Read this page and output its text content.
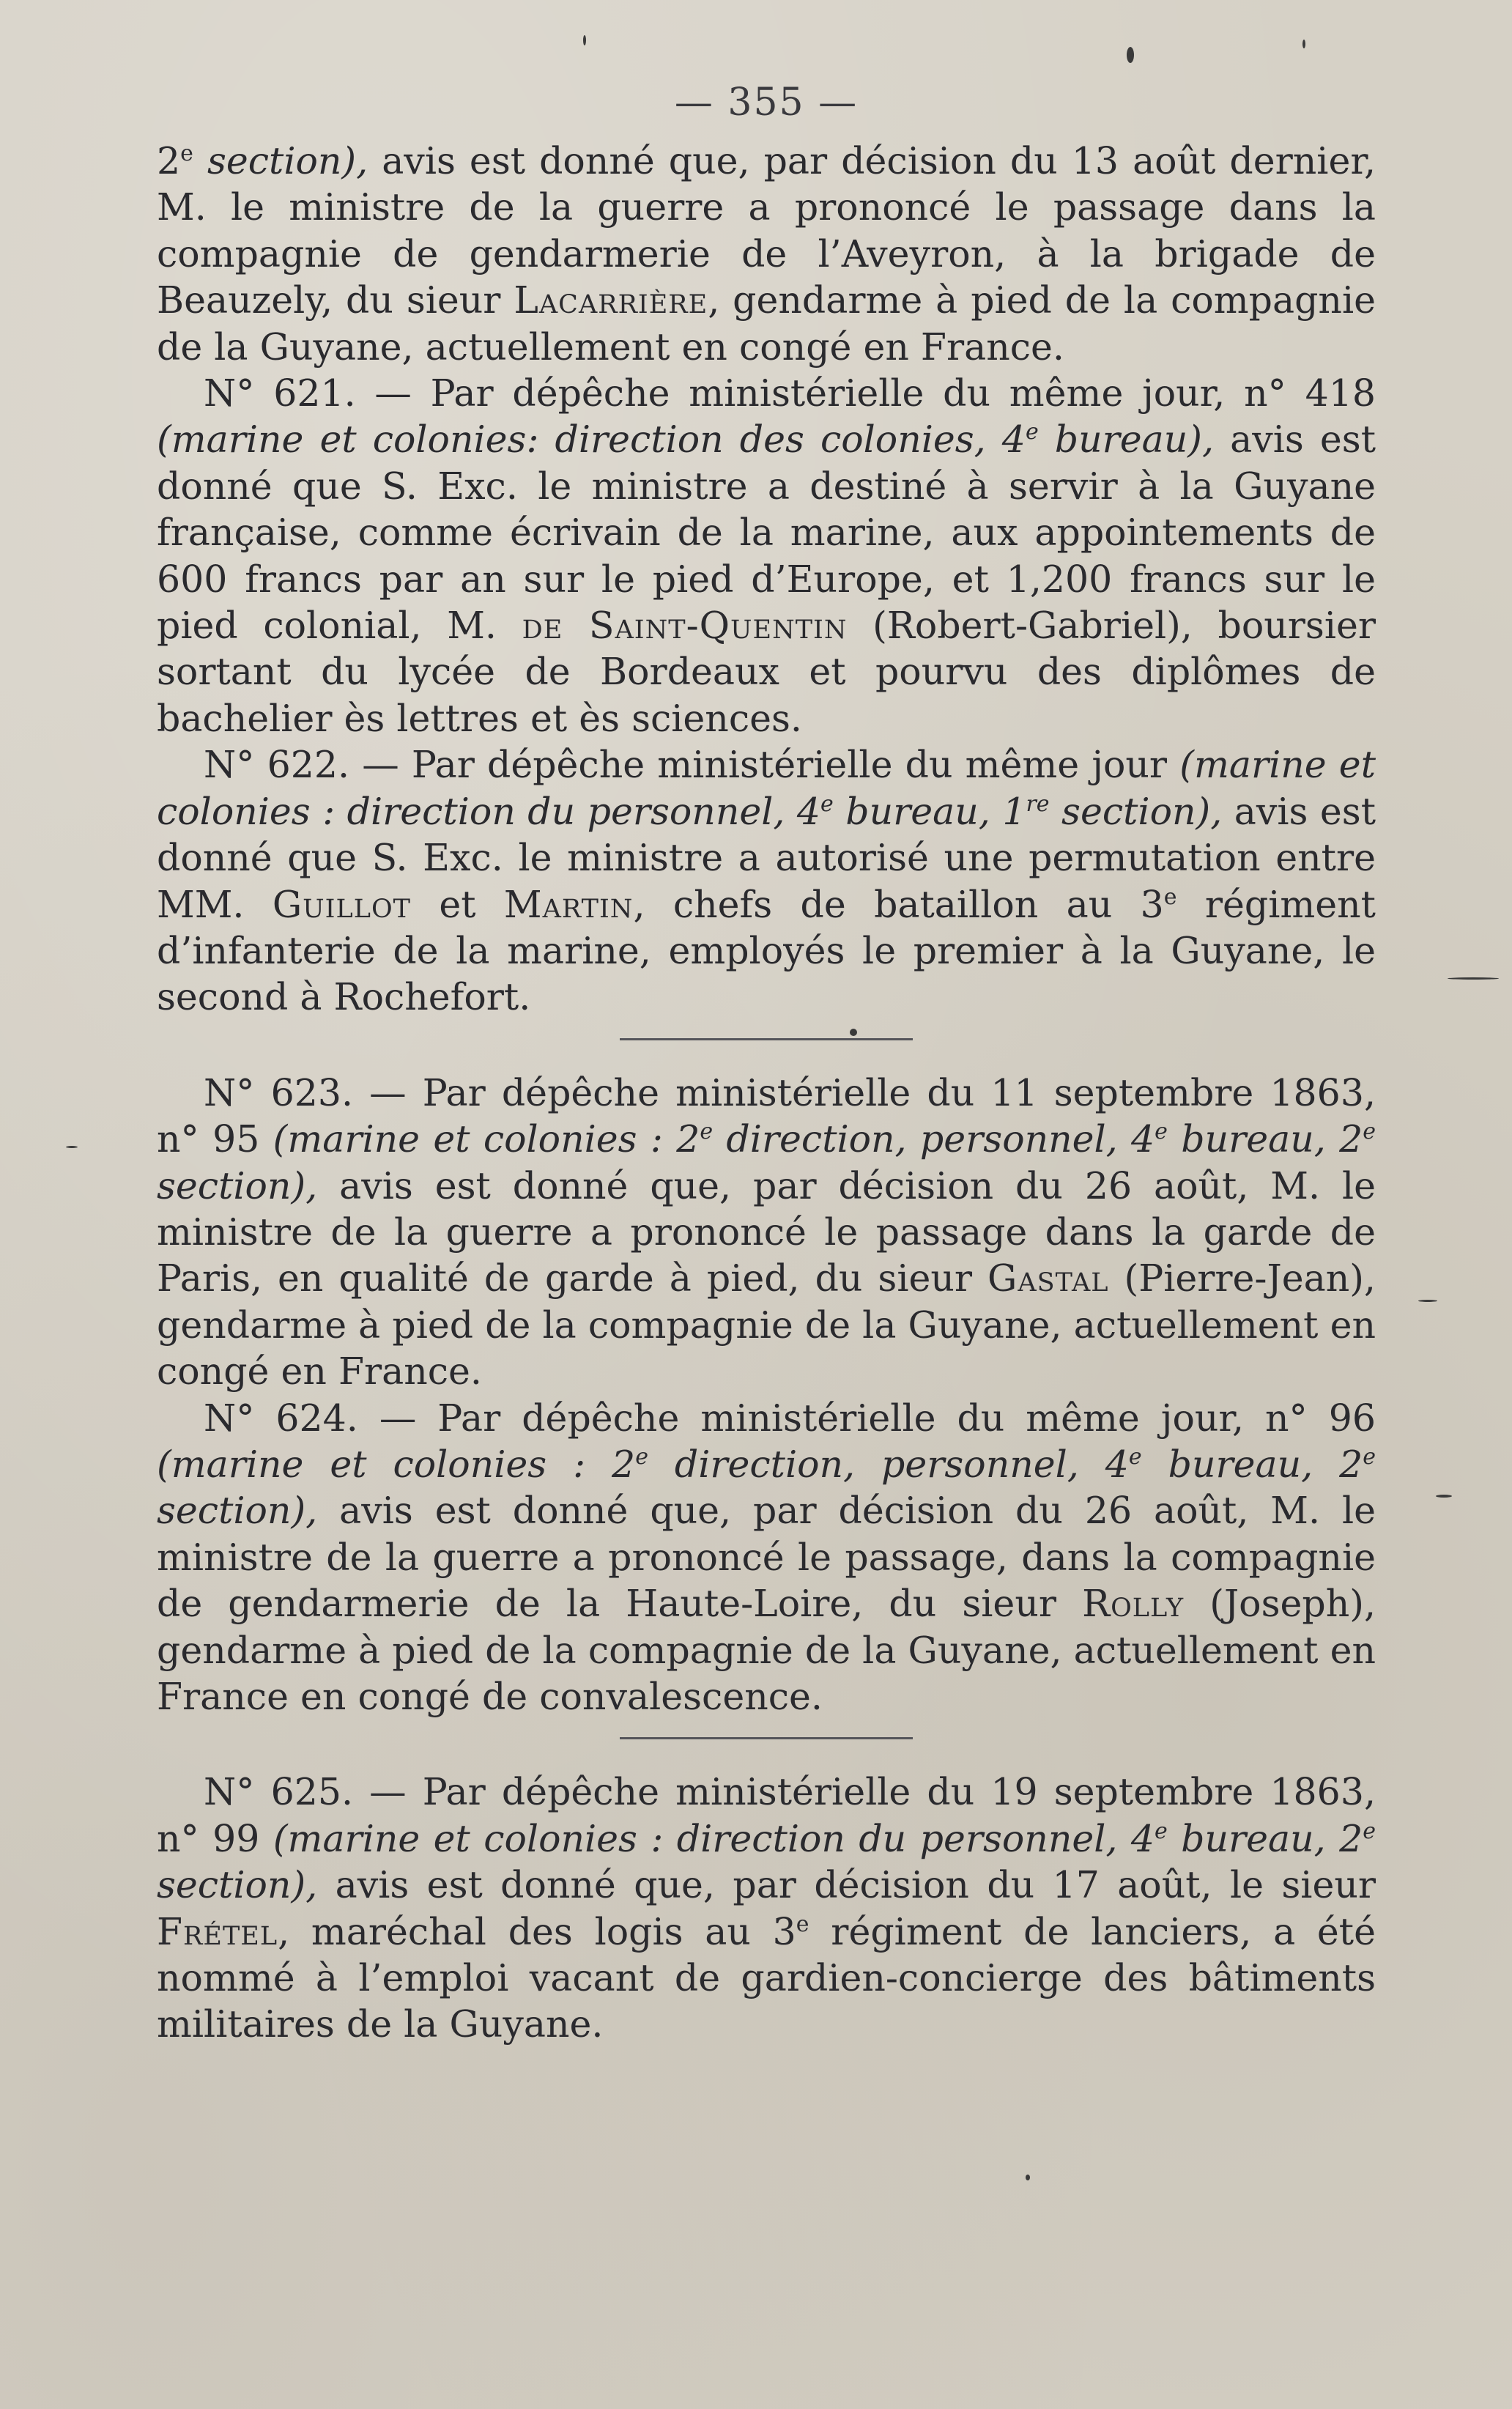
— 355 —

2e section), avis est donné que, par décision du 13 août dernier, M. le ministre de la guerre a prononcé le passage dans la compagnie de gendarmerie de l’Aveyron, à la brigade de Beauzely, du sieur Lacarrière, gendarme à pied de la compagnie de la Guyane, actuellement en congé en France.

N° 621. — Par dépêche ministérielle du même jour, n° 418 (marine et colonies: direction des colonies, 4e bureau), avis est donné que S. Exc. le ministre a destiné à servir à la Guyane française, comme écrivain de la marine, aux appointements de 600 francs par an sur le pied d’Europe, et 1,200 francs sur le pied colonial, M. de Saint-Quentin (Robert-Gabriel), boursier sortant du lycée de Bordeaux et pourvu des diplômes de bachelier ès lettres et ès sciences.

N° 622. — Par dépêche ministérielle du même jour (marine et colonies : direction du personnel, 4e bureau, 1re section), avis est donné que S. Exc. le ministre a autorisé une permutation entre MM. Guillot et Martin, chefs de bataillon au 3e régiment d’infanterie de la marine, employés le premier à la Guyane, le second à Rochefort.

N° 623. — Par dépêche ministérielle du 11 septembre 1863, n° 95 (marine et colonies : 2e direction, personnel, 4e bureau, 2e section), avis est donné que, par décision du 26 août, M. le ministre de la guerre a prononcé le passage dans la garde de Paris, en qualité de garde à pied, du sieur Gastal (Pierre-Jean), gendarme à pied de la compagnie de la Guyane, actuellement en congé en France.

N° 624. — Par dépêche ministérielle du même jour, n° 96 (marine et colonies : 2e direction, personnel, 4e bureau, 2e section), avis est donné que, par décision du 26 août, M. le ministre de la guerre a prononcé le passage, dans la compagnie de gendarmerie de la Haute-Loire, du sieur Rolly (Joseph), gendarme à pied de la compagnie de la Guyane, actuellement en France en congé de convalescence.

N° 625. — Par dépêche ministérielle du 19 septembre 1863, n° 99 (marine et colonies : direction du personnel, 4e bureau, 2e section), avis est donné que, par décision du 17 août, le sieur Frétel, maréchal des logis au 3e régiment de lanciers, a été nommé à l’emploi vacant de gardien-concierge des bâtiments militaires de la Guyane.
